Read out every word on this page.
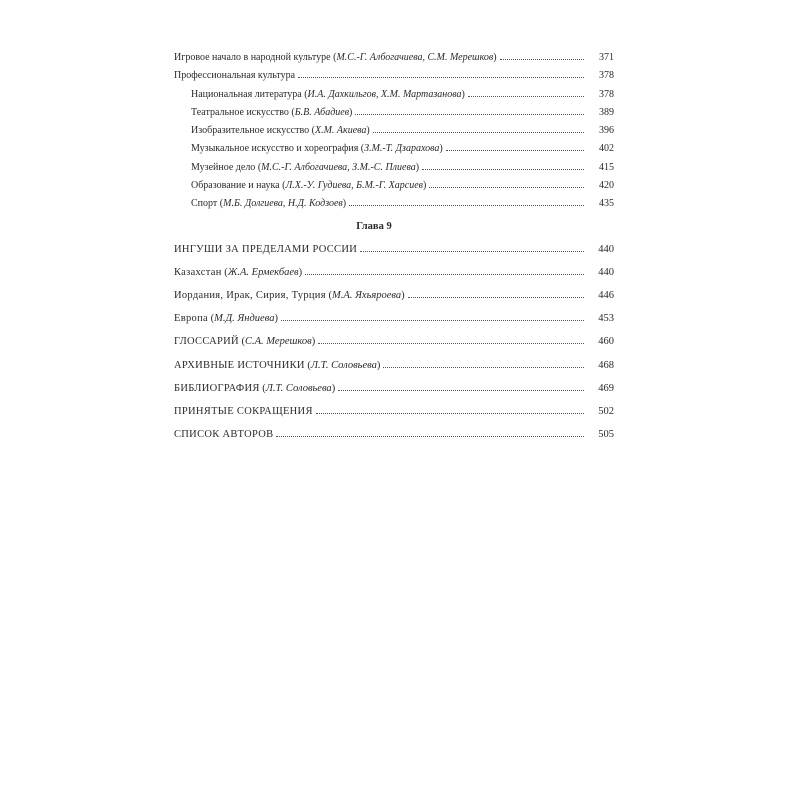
Игровое начало в народной культуре (М.С.-Г. Албогачиева, С.М. Мерешков)	371
Профессиональная культура	378
Национальная литература (И.А. Дахкильгов, Х.М. Мартазанова)	378
Театральное искусство (Б.В. Абадиев)	389
Изобразительное искусство (Х.М. Акиева)	396
Музыкальное искусство и хореография (З.М.-Т. Дзарахова)	402
Музейное дело (М.С.-Г. Албогачиева, З.М.-С. Плиева)	415
Образование и наука (Л.Х.-У. Гудиева, Б.М.-Г. Харсиев)	420
Спорт (М.Б. Долгиева, Н.Д. Кодзоев)	435
Глава 9
ИНГУШИ ЗА ПРЕДЕЛАМИ РОССИИ	440
Казахстан (Ж.А. Ермекбаев)	440
Иордания, Ирак, Сирия, Турция (М.А. Яхьяроева)	446
Европа (М.Д. Яндиева)	453
ГЛОССАРИЙ (С.А. Мерешков)	460
АРХИВНЫЕ ИСТОЧНИКИ (Л.Т. Соловьева)	468
БИБЛИОГРАФИЯ (Л.Т. Соловьева)	469
ПРИНЯТЫЕ СОКРАЩЕНИЯ	502
СПИСОК АВТОРОВ	505
